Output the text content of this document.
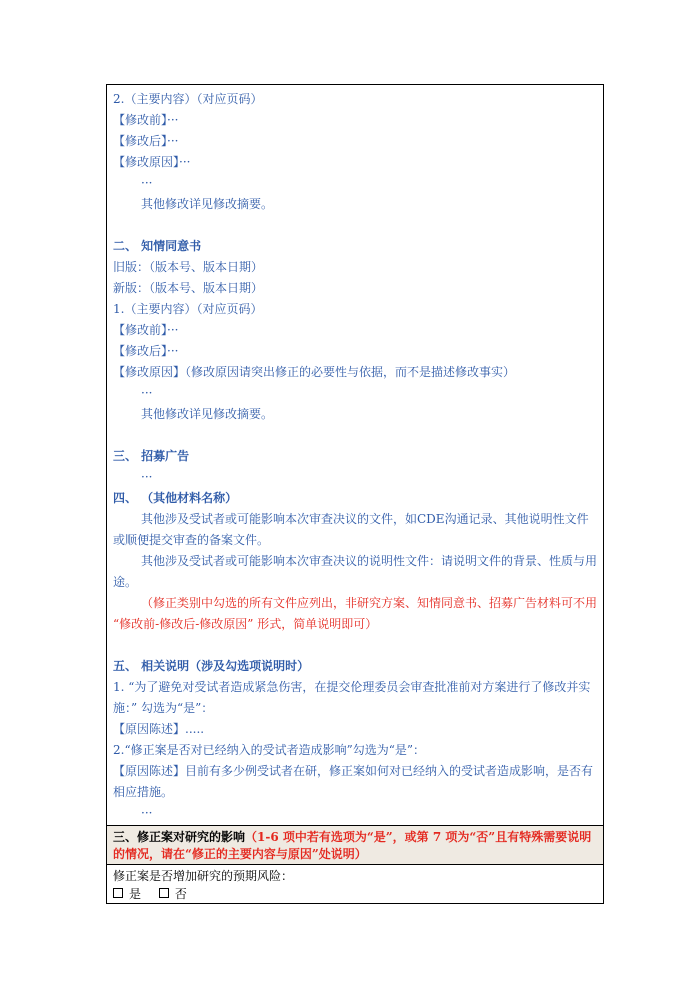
2.（主要内容）（对应页码）
【修改前】···
【修改后】···
【修改原因】···
···
其他修改详见修改摘要。
二、 知情同意书
旧版：（版本号、版本日期）
新版：（版本号、版本日期）
1.（主要内容）（对应页码）
【修改前】···
【修改后】···
【修改原因】（修改原因请突出修正的必要性与依据，而不是描述修改事实）
···
其他修改详见修改摘要。
三、 招募广告
···
四、 （其他材料名称）
其他涉及受试者或可能影响本次审查决议的文件，如CDE沟通记录、其他说明性文件或顺便提交审查的备案文件。
其他涉及受试者或可能影响本次审查决议的说明性文件：请说明文件的背景、性质与用途。
（修正类别中勾选的所有文件应列出，非研究方案、知情同意书、招募广告材料可不用 “修改前-修改后-修改原因” 形式，简单说明即可）
五、 相关说明（涉及勾选项说明时）
1. “为了避免对受试者造成紧急伤害，在提交伦理委员会审查批准前对方案进行了修改并实施：” 勾选为“是”：
【原因陈述】.....
2.“修正案是否对已经纳入的受试者造成影响”勾选为“是”：
【原因陈述】目前有多少例受试者在研，修正案如何对已经纳入的受试者造成影响，是否有相应措施。
···
三、修正案对研究的影响（1-6 项中若有选项为“是”，或第 7 项为“否”且有特殊需要说明的情况，请在“修正的主要内容与原因”处说明）
修正案是否增加研究的预期风险：
是	否
